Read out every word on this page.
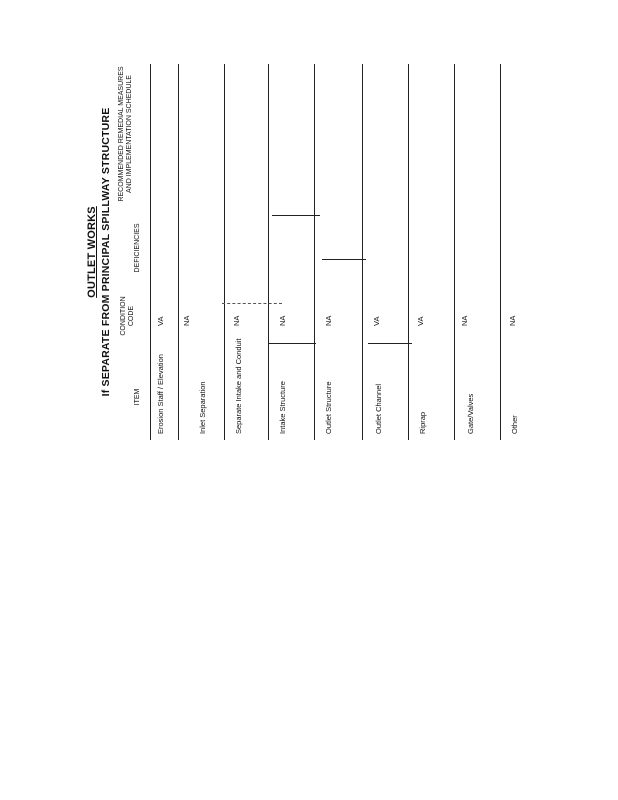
OUTLET WORKS If SEPARATE FROM PRINCIPAL SPILLWAY STRUCTURE
ITEM
CONDITION CODE
DEFICIENCIES
RECOMMENDED REMEDIAL MEASURES AND IMPLEMENTATION SCHEDULE
Erosion Staff / Elevation
VA
Inlet Separation
NA
Separate Intake and Conduit
NA
Intake Structure
NA
Outlet Structure
NA
Outlet Channel
VA
Riprap
VA
Gate/Valves
NA
Other
NA
